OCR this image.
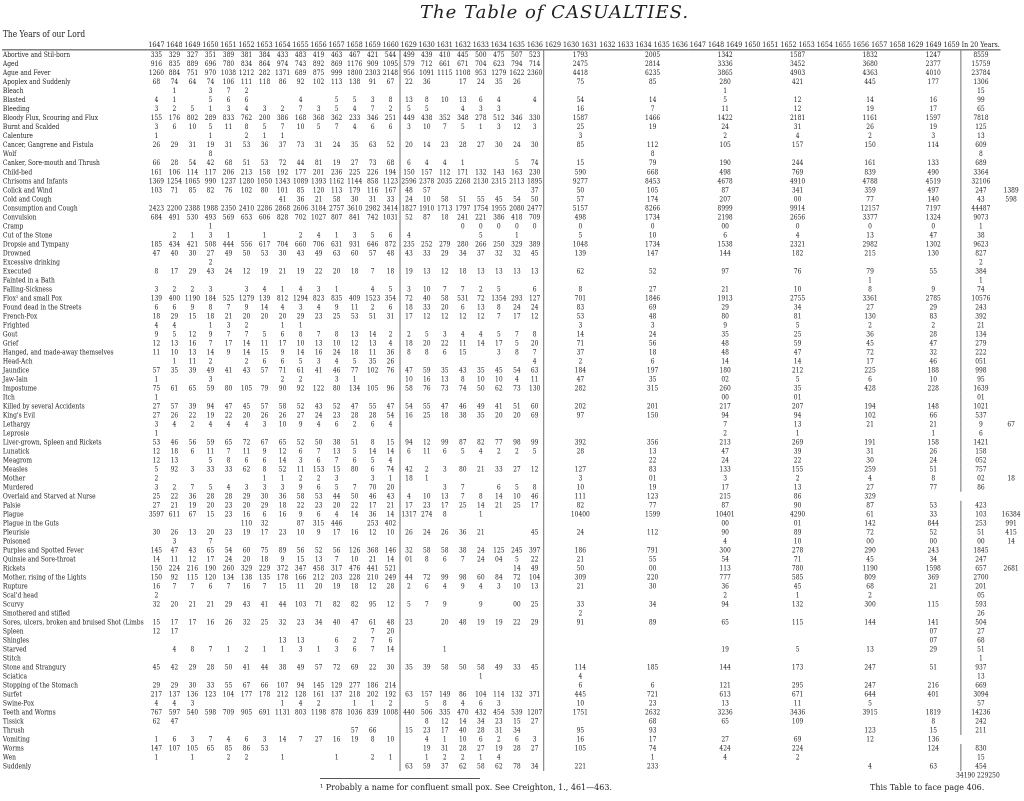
The Table of CASUALTIES.
The Years of our Lord	1647	1648	1649	1650	1651	1652	1653	1654	1655	1656	1657	1658	1659	1660	1629	1630	1631	1632	1633	1634	1635	1636	1629 1630 1631 1632	1633 1634 1635 1636	1647 1648 1649 1650	1651 1652 1653 1654	1655 1656 1657 1658	1629 1649 1659	In 20 Years.	
Abortive and Stil-born	335	329	327	351	389	381	384	433	483	419	463	467	421	544	499	439	410	445	500	475	507	523	1793	2005	1342	1587	1832	1247	8559	
Aged	916	835	889	696	780	834	864	974	743	892	869	1176	909	1095	579	712	661	671	704	623	794	714	2475	2814	3336	3452	3680	2377	15759	
Ague and Fever	1260	884	751	970	1038	1212	282	1371	689	875	999	1800	2303	2148	956	1091	1115	1108	953	1279	1622	2360	4418	6235	3865	4903	4363	4010	23784	
Apoplex and Suddenly	68	74	64	74	106	111	118	86	92	102	113	138	91	67	22	36		17	24	35	26		75	85	280	421	445	177	1306	
Bleach		1		3	7	2																			1				15	
Blasted	4	1		5	6	6			4		5	5	3	8	13	8	10	13	6	4		4	54	14	5	12	14	16	99	
Bleeding	3	2	5	1	3	4	3	2	7	3	5	4	7	2	5	5		4	3	3			16	7	11	12	19	17	65	
Bloody Flux, Scouring and Flux	155	176	802	289	833	762	200	386	168	368	362	233	346	251	449	438	352	348	278	512	346	330	1587	1466	1422	2181	1161	1597	7818	
Burnt and Scalded	3	6	10	5	11	8	5	7	10	5	7	4	6	6	3	10	7	5	1	3	12	3	25	19	24	31	26	19	125	
Calenture	1			1		2	1	1															3		2	4	2	3	13	
Cancer, Gangrene and Fistula	26	29	31	19	31	53	36	37	73	31	24	35	63	52	20	14	23	28	27	30	24	30	85	112	105	157	150	114	609	
Wolf				8																				8					8	
Canker, Sore-mouth and Thrush	66	28	54	42	68	51	53	72	44	81	19	27	73	68	6	4	4	1			5	74	15	79	190	244	161	133	689	
Child-bed	161	106	114	117	206	213	158	192	177	201	236	225	226	194	150	157	112	171	132	143	163	230	590	668	498	769	839	490	3364	
Chrisoms and Infants	1369	1254	1065	990	1237	1280	1050	1343	1089	1393	1162	1144	858	1123	2596	2378	2035	2268	2130	2315	2113	1895	9277	8453	4678	4910	4788	4519	32106	
Colick and Wind	103	71	85	82	76	102	80	101	85	120	113	179	116	167	48	57						37	50	105	87	341	359	497	247	1389
Cold and Cough								41	36	21	58	30	31	33	24	10	58	51	55	45	54	50	57	174	207	00	77	140	43	598
Consumption and Cough	2423	2200	2388	1988	2350	2410	2286	2868	2606	3184	2757	3610	2982	3414	1827	1910	1713	1797	1754	1955	2080	2477	5157	8266	8999	9914	12157	7197	44487	
Convulsion	684	491	530	493	569	653	606	828	702	1027	807	841	742	1031	52	87	18	241	221	386	418	709	498	1734	2198	2656	3377	1324	9073	
Cramp				1														0	0	0	0	0	0	0	00	0	0	0	1	
Cut of the Stone		2	1	3	1		1		2	4	1	3	5	6	4				5		1		5	10	6	4	13	47	38	
Dropsie and Tympany	185	434	421	508	444	556	617	704	660	706	631	931	646	872	235	252	279	280	266	250	329	389	1048	1734	1538	2321	2982	1302	9623	
Drowned	47	40	30	27	49	50	53	30	43	49	63	60	57	48	43	33	29	34	37	32	32	45	139	147	144	182	215	130	827	
Excessive drinking				2																									2	
Executed	8	17	29	43	24	12	19	21	19	22	20	18	7	18	19	13	12	18	13	13	13	13	62	52	97	76	79	55	384	
Fainted in a Bath																											1		1	
Falling-Sickness	3	2	2	3		3	4	1	4	3	1		4	5	3	10	7	7	2	5		6	8	27	21	10	8	9	74	
Flox¹ and small Pox	139	400	1190	184	525	1279	139	812	1294	823	835	409	1523	354	72	40	58	531	72	1354	293	127	701	1846	1913	2755	3361	2785	10576	
Found dead in the Streets	6	6	9	8	7	9	14	4	3	4	9	11	2	6	18	33	20	6	13	8	24	24	83	69	29	34	27	29	243	
French-Pox	18	29	15	18	21	20	20	20	29	23	25	53	51	31	17	12	12	12	12	7	17	12	53	48	80	81	130	83	392	
Frighted	4	4		1	3	2		1	1														3	3	9	5	2	2	21	
Gout	9	5	12	9	7	7	5	6	8	7	8	13	14	2	2	5	3	4	4	5	7	8	14	24	35	25	36	28	134	
Grief	12	13	16	7	17	14	11	17	10	13	10	12	13	4	18	20	22	11	14	17	5	20	71	56	48	59	45	47	279	
Hanged, and made-away themselves	11	10	13	14	9	14	15	9	14	16	24	18	11	36	8	8	6	15		3	8	7	37	18	48	47	72	32	222	
Head-Ach		1	11	2		2	6	6	5	3	4	5	35	26								4	2	6	14	14	17	46	051	
Jaundice	57	35	39	49	41	43	57	71	61	41	46	77	102	76	47	59	35	43	35	45	54	63	184	197	180	212	225	188	998	
Jaw-Iain	1			3				2	2		3	1			10	16	13	8	10	10	4	11	47	35	02	5	6	10	95	
Impostume	75	61	65	59	80	105	79	90	92	122	80	134	105	96	58	76	73	74	50	62	73	130	282	315	260	35	428	228	1639	
Itch	1																								00	01			01	
Killed by several Accidents	27	57	39	94	47	45	57	58	52	43	52	47	55	47	54	55	47	46	49	41	51	60	202	201	217	207	194	148	1021	
King's Evil	27	26	22	19	22	20	26	26	27	24	23	28	28	54	16	25	18	38	35	20	20	69	97	150	94	94	102	66	537	
Lethargy	3	4	2	4	4	4	3	10	9	4	6	2	6	4											7	13	21	21	9	67
Leprosie	1																								2	1		1	6	
Liver-grown, Spleen and Rickets	53	46	56	59	65	72	67	65	52	50	38	51	8	15	94	12	99	87	82	77	98	99	392	356	213	269	191	158	1421	
Lunatick	12	18	6	11	7	11	9	12	6	7	13	5	14	14	6	11	6	5	4	2	2	5	28	13	47	39	31	26	158	
Meagrom	12	13		5	8	6	6	14	3	6	7	6	5	4										22	24	22	30	24	052	
Measles	5	92	3	33	33	62	8	52	11	153	15	80	6	74	42	2	3	80	21	33	27	12	127	83	133	155	259	51	757	
Mother	2						1	1	2	2	3		3	1	18	1							3	01	3	2	4	8	02	18
Murdered	3	2	7	5	4	3	3	3	9	6	5	7	70	20			3	7		6	5	8	10	19	17	13	27	77	86	
Overlaid and Starved at Nurse	25	22	36	28	28	29	30	36	58	53	44	50	46	43	4	10	13	7	8	14	10	46	111	123	215	86	329			
Palsie	27	21	19	20	23	20	29	18	22	23	20	22	17	21	17	23	17	25	14	21	25	17	82	77	87	90	87	53	423	
Plague	3597	611	67	15	23	16	6	16	9	6	4	14	36	14	1317	274	8		1				10400	1599	10401	4290	61	33	103	16384
Plague in the Guts						110	32		87	315	446		253	402											00	01	142	844	253	991
Pleurisie	30	26	13	20	23	19	17	23	10	9	17	16	12	10	26	24	26	36	21			45	24	112	90	89	72	52	51	415
Poisoned		3		7																					4	10	00	00	00	14
Purples and Spotted Fever	145	47	43	65	54	60	75	89	56	52	56	126	368	146	32	58	58	38	24	125	245	397	186	791	300	278	290	243	1845	
Quinsie and Sore-throat	14	11	12	17	24	20	18	9	15	13	7	10	21	14	01	8	6	7	24	04	5	22	21	55	54	71	45	34	247	
Rickets	150	224	216	190	260	329	229	372	347	458	317	476	441	521							14	49	50	00	113	780	1190	1598	657	2681
Mother, rising of the Lights	150	92	115	120	134	138	135	178	166	212	203	228	210	249	44	72	99	98	60	84	72	104	309	220	777	585	809	369	2700	
Rupture	16	7	7	6	7	16	7	15	11	20	19	18	12	28	2	6	4	9	4	3	10	13	21	30	36	45	68	21	201	
Scal'd head	2																								2	1	2		05	
Scurvy	32	20	21	21	29	43	41	44	103	71	82	82	95	12	5	7	9		9		00	25	33	34	94	132	300	115	593	
Smothered and stifled																							2						26	
Sores, ulcers, broken and bruised Shot (Limbs	15	17	17	16	26	32	25	32	23	34	40	47	61	48	23		20	48	19	19	22	29	91	89	65	115	144	141	504	
Spleen	12	17											7	20														07	27	
Shingles								13	13		6	2	7	6														07	68	
Starved		4	8	7	1	2	1	1	3	1	3	6	7	14			1								19	5	13	29	51	
Stitch																													1	
Stone and Strangury	45	42	29	28	50	41	44	38	49	57	72	69	22	30	35	39	58	50	58	49	33	45	114	185	144	173	247	51	937	
Sciatica																			1				4						13	
Stopping of the Stomach	29	29	30	33	55	67	66	107	94	145	129	277	186	214									6	6	121	295	247	216	669	
Surfet	217	137	136	123	104	177	178	212	128	161	137	218	202	192	63	157	149	86	104	114	132	371	445	721	613	671	644	401	3094	
Swine-Pox	4	4	3					1	4	2		1	1	2		5	8	4	6	3			10	23	13	11	5		57	
Teeth and Worms	767	597	540	598	709	905	691	1131	803	1198	878	1036	839	1008	440	506	335	470	432	454	539	1207	1751	2632	3236	3436	3915	1819	14236	
Tissick	62	47														8	12	14	34	23	15	27		68	65	109		8	242	
Thrush												57	66		15	23	17	40	28	31	34		95	93			123	15	211	
Vomiting	1	6	3	7	4	6	3	14	7	27	16	19	8	10		4	1	10	6	2	6	3	16	17	27	69	12	136		
Worms	147	107	105	65	85	86	53									19	31	28	27	19	28	27	105	74	424	224		124	830	
Wen	1		1		2	2		1			1		2	1		1	2	2	1	4				1	4	2			15	
Suddenly															63	59	37	62	58	62	78	34	221	233			4	63	454	
34190 229250																														
¹ Probably a name for confluent small pox. See Creighton, 1., 461—463.	This Table to face page 406.
